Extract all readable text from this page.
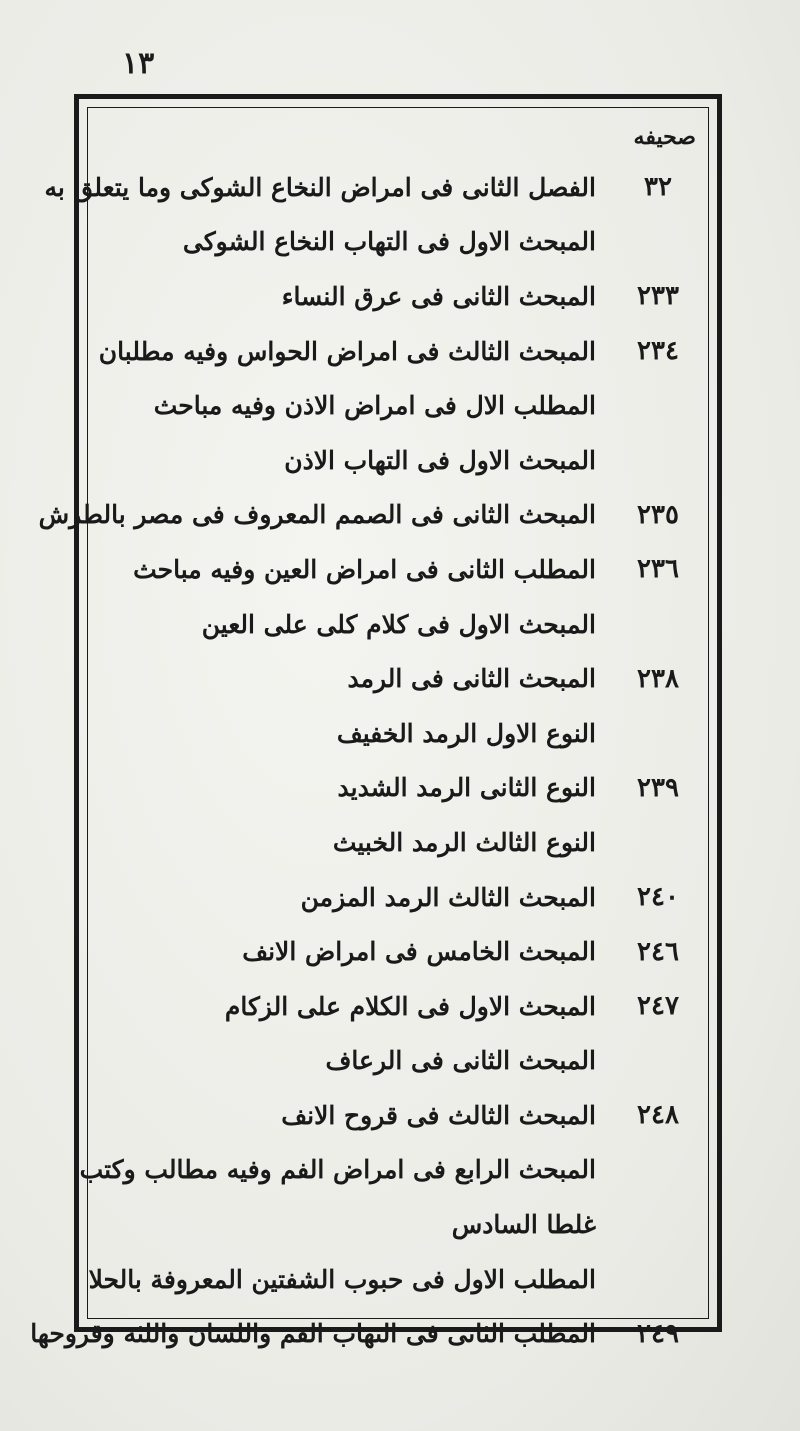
١٣
صحيفه
٣٢
الفصل الثانى فى امراض النخاع الشوكى وما يتعلق به
المبحث الاول فى التهاب النخاع الشوكى
٢٣٣
المبحث الثانى فى عرق النساء
٢٣٤
المبحث الثالث فى امراض الحواس وفيه مطلبان
المطلب الال فى امراض الاذن وفيه مباحث
المبحث الاول فى التهاب الاذن
٢٣٥
المبحث الثانى فى الصمم المعروف فى مصر بالطرش
٢٣٦
المطلب الثانى فى امراض العين وفيه مباحث
المبحث الاول فى كلام كلى على العين
٢٣٨
المبحث الثانى فى الرمد
النوع الاول الرمد الخفيف
٢٣٩
النوع الثانى الرمد الشديد
النوع الثالث الرمد الخبيث
٢٤٠
المبحث الثالث الرمد المزمن
٢٤٦
المبحث الخامس فى امراض الانف
٢٤٧
المبحث الاول فى الكلام على الزكام
المبحث الثانى فى الرعاف
٢٤٨
المبحث الثالث فى قروح الانف
المبحث الرابع فى امراض الفم وفيه مطالب وكتب
غلطا السادس
المطلب الاول فى حبوب الشفتين المعروفة بالحلا
٢٤٩
المطلب الثانى فى التهاب الفم واللسان واللثة وقروحها
